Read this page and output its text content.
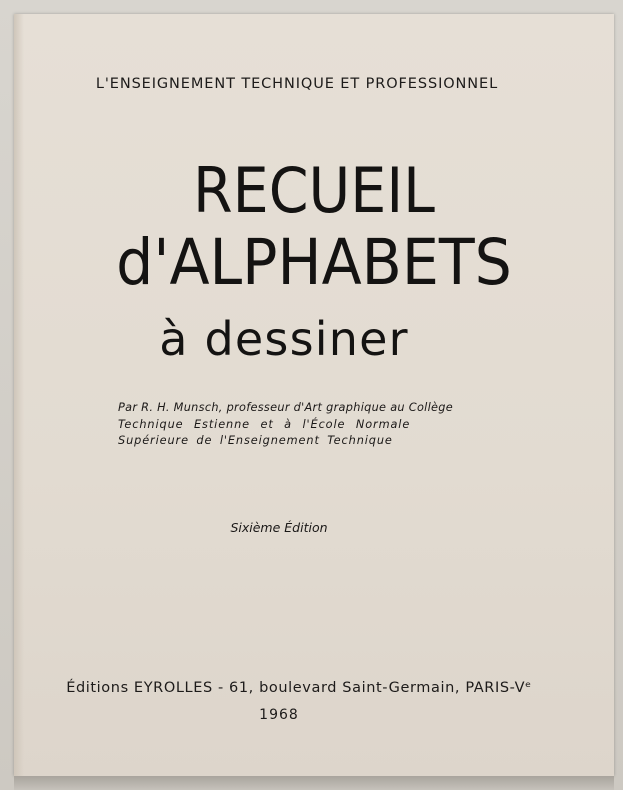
L'ENSEIGNEMENT TECHNIQUE ET PROFESSIONNEL
RECUEIL
d'ALPHABETS
à dessiner
Par R. H. Munsch, professeur d'Art graphique au Collège
Technique Estienne et à l'École Normale
Supérieure de l'Enseignement Technique
Sixième Édition
Éditions EYROLLES - 61, boulevard Saint-Germain, PARIS-Vᵉ
1968
